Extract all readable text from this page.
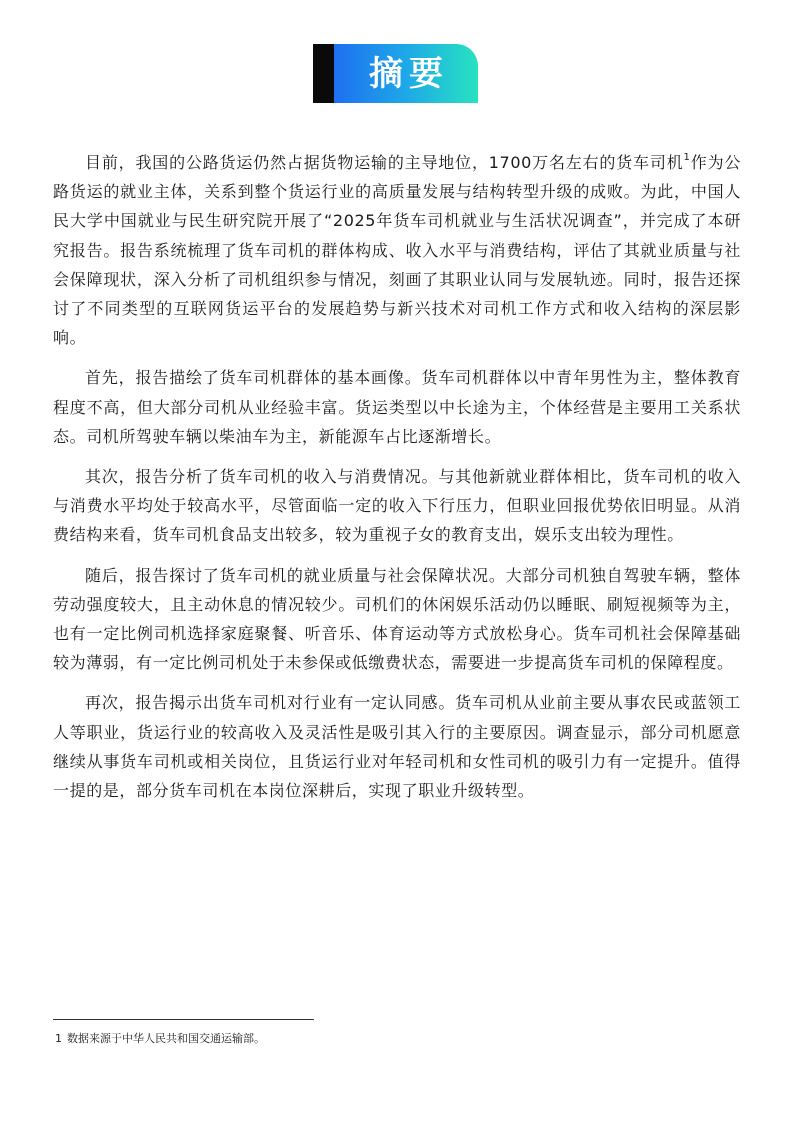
摘要

目前，我国的公路货运仍然占据货物运输的主导地位，1700万名左右的货车司机$^1$作为公路货运的就业主体，关系到整个货运行业的高质量发展与结构转型升级的成败。为此，中国人民大学中国就业与民生研究院开展了“2025年货车司机就业与生活状况调查”，并完成了本研究报告。报告系统梳理了货车司机的群体构成、收入水平与消费结构，评估了其就业质量与社会保障现状，深入分析了司机组织参与情况，刻画了其职业认同与发展轨迹。同时，报告还探讨了不同类型的互联网货运平台的发展趋势与新兴技术对司机工作方式和收入结构的深层影响。

首先，报告描绘了货车司机群体的基本画像。货车司机群体以中青年男性为主，整体教育程度不高，但大部分司机从业经验丰富。货运类型以中长途为主，个体经营是主要用工关系状态。司机所驾驶车辆以柴油车为主，新能源车占比逐渐增长。

其次，报告分析了货车司机的收入与消费情况。与其他新就业群体相比，货车司机的收入与消费水平均处于较高水平，尽管面临一定的收入下行压力，但职业回报优势依旧明显。从消费结构来看，货车司机食品支出较多，较为重视子女的教育支出，娱乐支出较为理性。

随后，报告探讨了货车司机的就业质量与社会保障状况。大部分司机独自驾驶车辆，整体劳动强度较大，且主动休息的情况较少。司机们的休闲娱乐活动仍以睡眠、刷短视频等为主，也有一定比例司机选择家庭聚餐、听音乐、体育运动等方式放松身心。货车司机社会保障基础较为薄弱，有一定比例司机处于未参保或低缴费状态，需要进一步提高货车司机的保障程度。

再次，报告揭示出货车司机对行业有一定认同感。货车司机从业前主要从事农民或蓝领工人等职业，货运行业的较高收入及灵活性是吸引其入行的主要原因。调查显示，部分司机愿意继续从事货车司机或相关岗位，且货运行业对年轻司机和女性司机的吸引力有一定提升。值得一提的是，部分货车司机在本岗位深耕后，实现了职业升级转型。

1 数据来源于中华人民共和国交通运输部。
